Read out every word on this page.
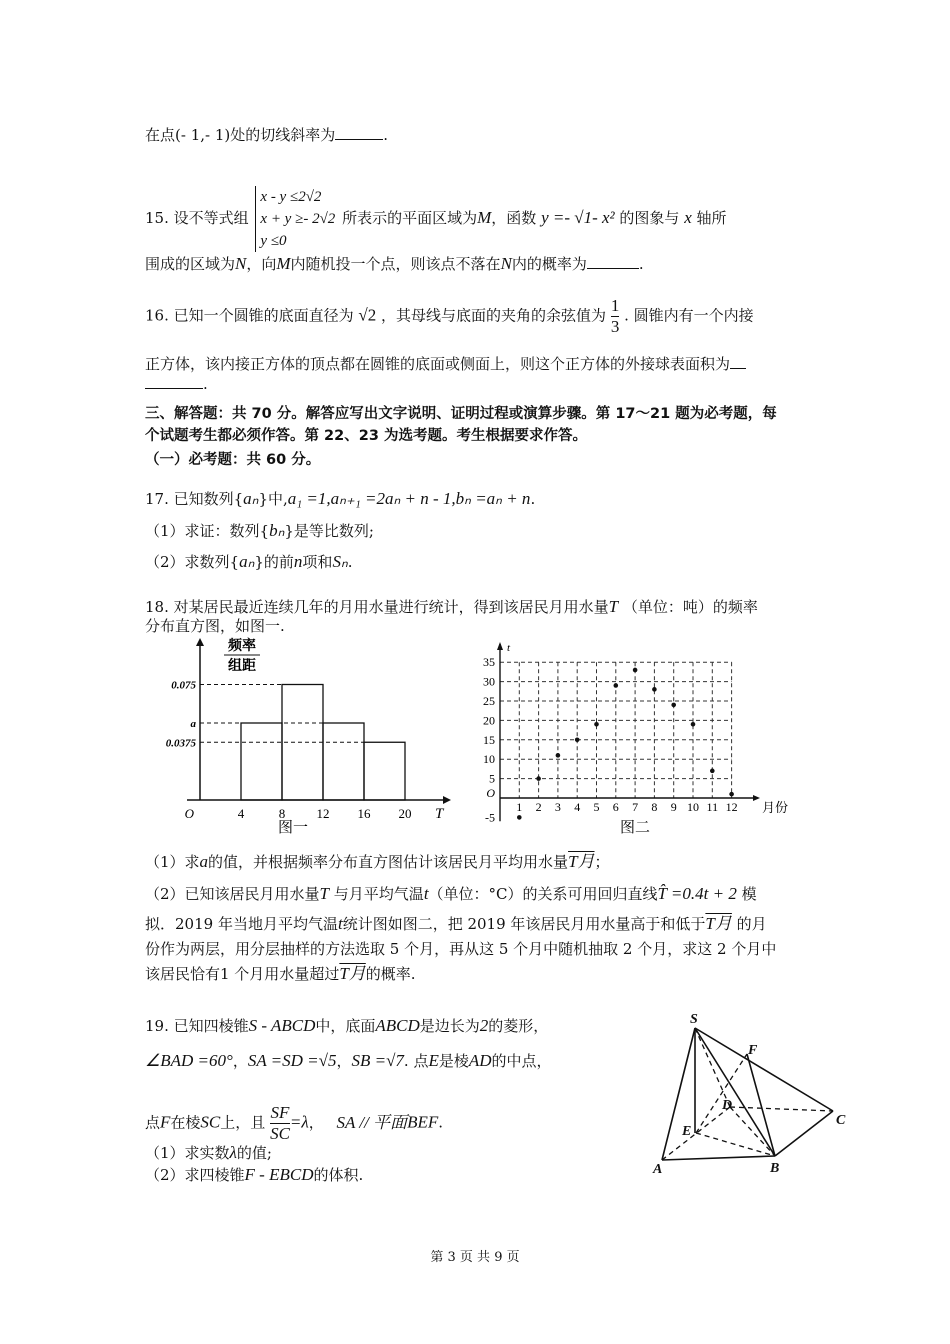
在点(- 1,- 1)处的切线斜率为	.
15. 设不等式组
x - y ≤2√2
x + y ≥- 2√2
y ≤0
所表示的平面区域为M，函数 y =- √1- x² 的图象与 x 轴所
围成的区域为N，向M内随机投一个点，则该点不落在N内的概率为	.
16. 已知一个圆锥的底面直径为 √2 ，其母线与底面的夹角的余弦值为 $\frac{1}{3}$ . 圆锥内有一个内接
正方体，该内接正方体的顶点都在圆锥的底面或侧面上，则这个正方体的外接球表面积为
.
三、解答题：共 70 分。解答应写出文字说明、证明过程或演算步骤。第 17～21 题为必考题，每
个试题考生都必须作答。第 22、23 为选考题。考生根据要求作答。
（一）必考题：共 60 分。
17. 已知数列{aₙ}中,a₁ =1,aₙ₊₁ =2aₙ + n - 1,bₙ =aₙ + n.
（1）求证：数列{bₙ}是等比数列;
（2）求数列{aₙ}的前n项和Sₙ.
18. 对某居民最近连续几年的月用水量进行统计，得到该居民月用水量T （单位：吨）的频率
分布直方图，如图一.
频率
组距
0.075
a
0.0375
O	4	8 12 16 20 T
图一
t
35
30
25
20
15
10
5
O
-5
1 2 3 4 5 6 7 8 9 10 11 12 月份
图二
（1）求a的值，并根据频率分布直方图估计该居民月平均用水量T月；
（2）已知该居民月用水量T 与月平均气温t（单位：°C）的关系可用回归直线T̂ =0.4t + 2 模
拟．2019 年当地月平均气温t统计图如图二，把 2019 年该居民月用水量高于和低于T月 的月
份作为两层，用分层抽样的方法选取 5 个月，再从这 5 个月中随机抽取 2 个月，求这 2 个月中
该居民恰有1 个月用水量超过T月的概率.
19. 已知四棱锥S - ABCD中，底面ABCD是边长为2的菱形，
∠BAD =60°，SA =SD =√5，SB =√7. 点E是棱AD的中点，
点F在棱SC上，且 $\frac{SF}{SC} =\lambda$， SA // 平面BEF.
（1）求实数λ的值;
（2）求四棱锥F - EBCD的体积.
S
F
D
C
E
A	B
第 3 页 共 9 页
